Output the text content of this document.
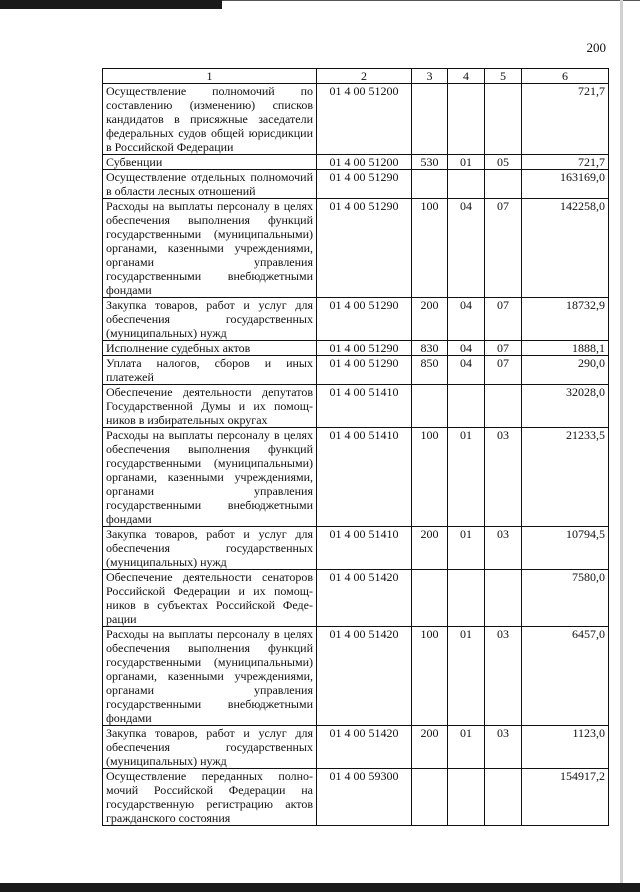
200
1	2	3	4	5	6
Осуществление полномочий по составлению (изменению) списков кандидатов в присяжные заседатели федеральных судов общей юрисдикции в Российской Федерации	01 4 00 51200				721,7
Субвенции	01 4 00 51200	530	01	05	721,7
Осуществление отдельных полномочий в области лесных отношений	01 4 00 51290				163169,0
Расходы на выплаты персоналу в целях обеспечения выполнения функций государственными (муниципальными) органами, казенными учреждениями, органами управления государственными внебюджетными фондами	01 4 00 51290	100	04	07	142258,0
Закупка товаров, работ и услуг для обеспечения государственных (муниципальных) нужд	01 4 00 51290	200	04	07	18732,9
Исполнение судебных актов	01 4 00 51290	830	04	07	1888,1
Уплата налогов, сборов и иных платежей	01 4 00 51290	850	04	07	290,0
Обеспечение деятельности депутатов Государственной Думы и их помощников в избирательных округах	01 4 00 51410				32028,0
Расходы на выплаты персоналу в целях обеспечения выполнения функций государственными (муниципальными) органами, казенными учреждениями, органами управления государственными внебюджетными фондами	01 4 00 51410	100	01	03	21233,5
Закупка товаров, работ и услуг для обеспечения государственных (муниципальных) нужд	01 4 00 51410	200	01	03	10794,5
Обеспечение деятельности сенаторов Российской Федерации и их помощников в субъектах Российской Федерации	01 4 00 51420				7580,0
Расходы на выплаты персоналу в целях обеспечения выполнения функций государственными (муниципальными) органами, казенными учреждениями, органами управления государственными внебюджетными фондами	01 4 00 51420	100	01	03	6457,0
Закупка товаров, работ и услуг для обеспечения государственных (муниципальных) нужд	01 4 00 51420	200	01	03	1123,0
Осуществление переданных полномочий Российской Федерации на государственную регистрацию актов гражданского состояния	01 4 00 59300				154917,2
